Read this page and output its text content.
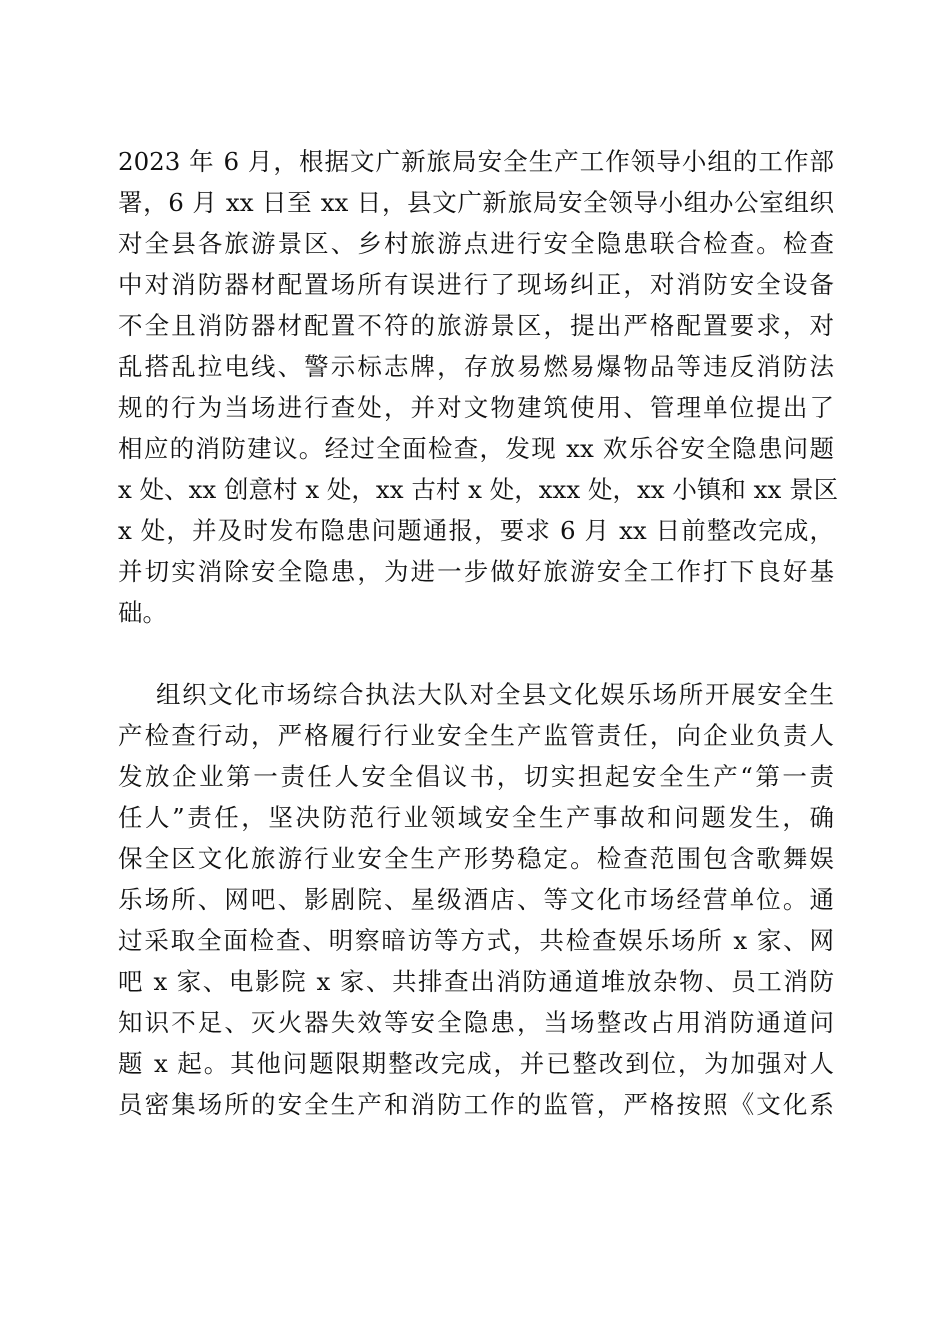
2023 年 6 月，根据文广新旅局安全生产工作领导小组的工作部
署，6 月 xx 日至 xx 日，县文广新旅局安全领导小组办公室组织
对全县各旅游景区、乡村旅游点进行安全隐患联合检查。检查
中对消防器材配置场所有误进行了现场纠正，对消防安全设备
不全且消防器材配置不符的旅游景区，提出严格配置要求，对
乱搭乱拉电线、警示标志牌，存放易燃易爆物品等违反消防法
规的行为当场进行查处，并对文物建筑使用、管理单位提出了
相应的消防建议。经过全面检查，发现 xx 欢乐谷安全隐患问题
x 处、xx 创意村 x 处，xx 古村 x 处，xxx 处，xx 小镇和 xx 景区
x 处，并及时发布隐患问题通报，要求 6 月 xx 日前整改完成，
并切实消除安全隐患，为进一步做好旅游安全工作打下良好基
础。
组织文化市场综合执法大队对全县文化娱乐场所开展安全生
产检查行动，严格履行行业安全生产监管责任，向企业负责人
发放企业第一责任人安全倡议书，切实担起安全生产“第一责
任人”责任，坚决防范行业领域安全生产事故和问题发生，确
保全区文化旅游行业安全生产形势稳定。检查范围包含歌舞娱
乐场所、网吧、影剧院、星级酒店、等文化市场经营单位。通
过采取全面检查、明察暗访等方式，共检查娱乐场所 x 家、网
吧 x 家、电影院 x 家、共排查出消防通道堆放杂物、员工消防
知识不足、灭火器失效等安全隐患，当场整改占用消防通道问
题 x 起。其他问题限期整改完成，并已整改到位，为加强对人
员密集场所的安全生产和消防工作的监管，严格按照《文化系
